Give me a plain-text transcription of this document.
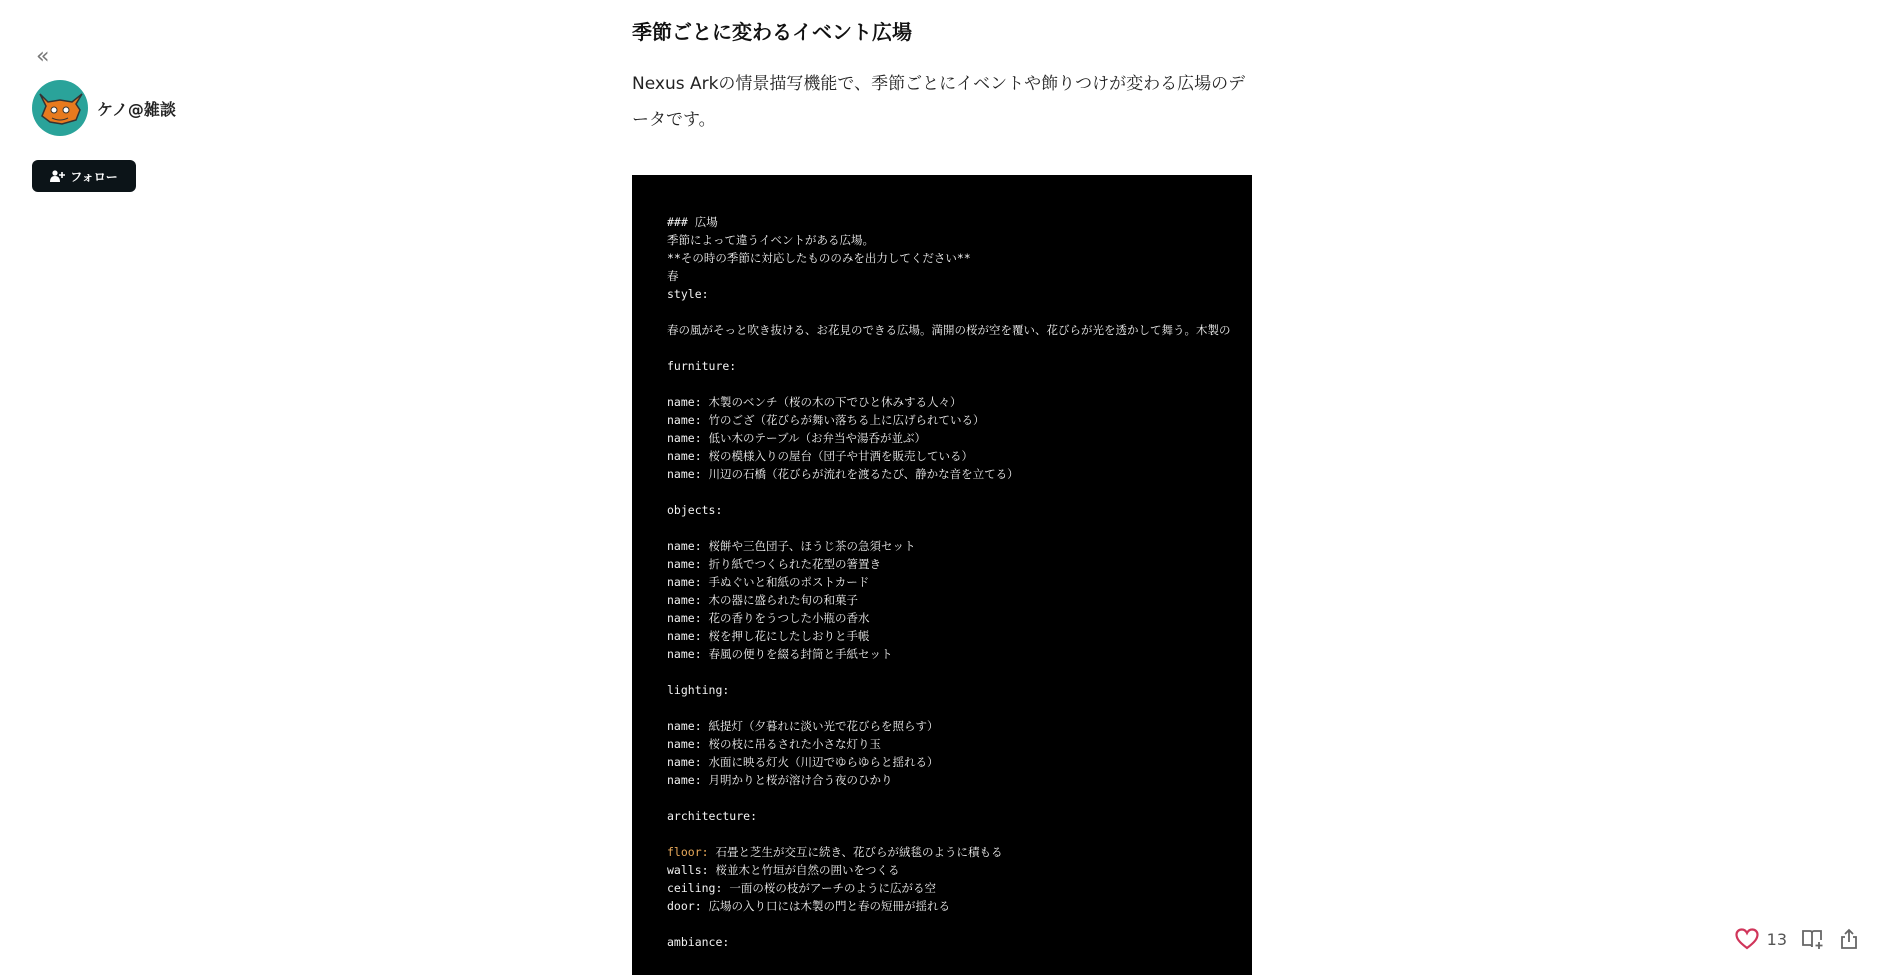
«
ケノ@雑談
フォロー
季節ごとに変わるイベント広場

Nexus Arkの情景描写機能で、季節ごとにイベントや飾りつけが変わる広場のデータです。

### 広場
季節によって違うイベントがある広場。
**その時の季節に対応したもののみを出力してください**
春
style:
春の風がそっと吹き抜ける、お花見のできる広場。満開の桜が空を覆い、花びらが光を透かして舞う。木製の
furniture:
name: 木製のベンチ（桜の木の下でひと休みする人々）
name: 竹のござ（花びらが舞い落ちる上に広げられている）
name: 低い木のテーブル（お弁当や湯呑が並ぶ）
name: 桜の模様入りの屋台（団子や甘酒を販売している）
name: 川辺の石橋（花びらが流れを渡るたび、静かな音を立てる）
objects:
name: 桜餅や三色団子、ほうじ茶の急須セット
name: 折り紙でつくられた花型の箸置き
name: 手ぬぐいと和紙のポストカード
name: 木の器に盛られた旬の和菓子
name: 花の香りをうつした小瓶の香水
name: 桜を押し花にしたしおりと手帳
name: 春風の便りを綴る封筒と手紙セット
lighting:
name: 紙提灯（夕暮れに淡い光で花びらを照らす）
name: 桜の枝に吊るされた小さな灯り玉
name: 水面に映る灯火（川辺でゆらゆらと揺れる）
name: 月明かりと桜が溶け合う夜のひかり
architecture:
floor: 石畳と芝生が交互に続き、花びらが絨毯のように積もる
walls: 桜並木と竹垣が自然の囲いをつくる
ceiling: 一面の桜の枝がアーチのように広がる空
door: 広場の入り口には木製の門と春の短冊が揺れる
ambiance:	13
